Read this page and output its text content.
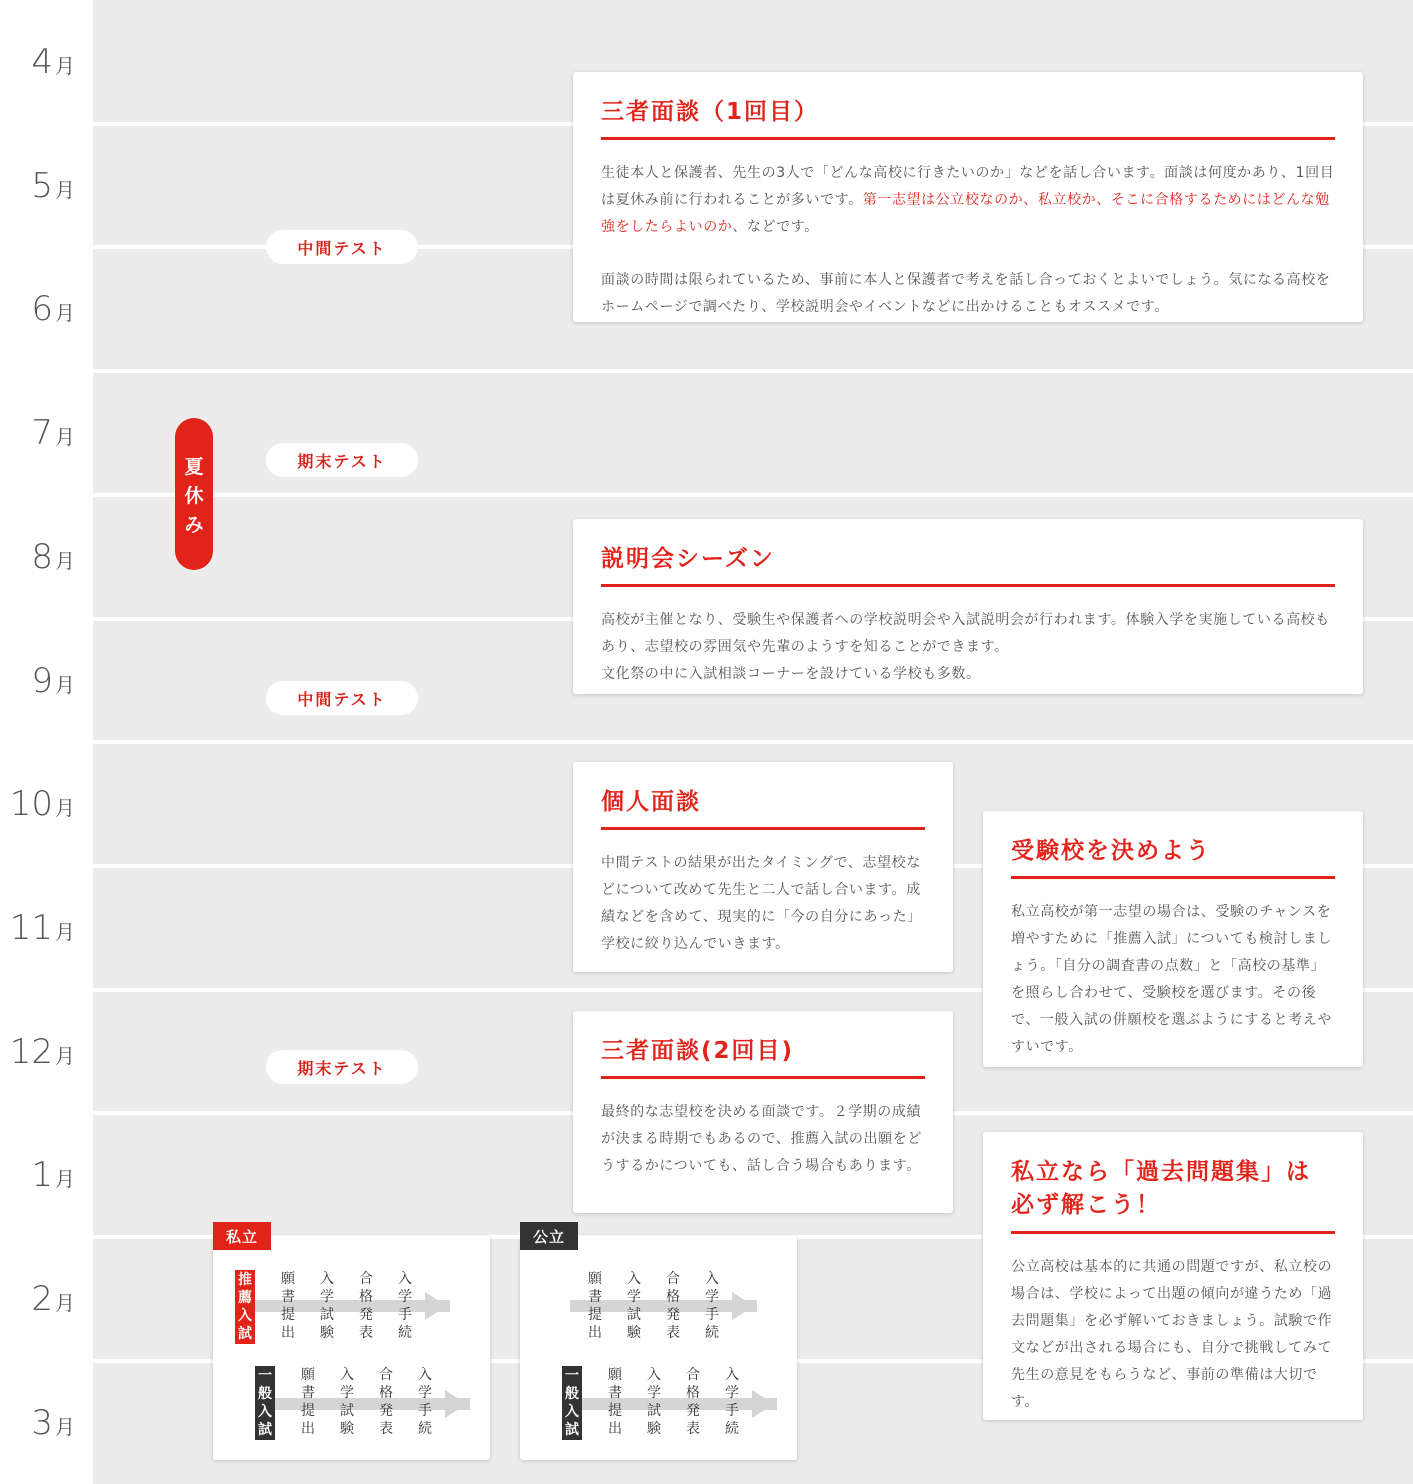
4 月
5 月
6 月
7 月
8 月
9 月
10 月
11 月
12 月
1 月
2 月
3 月
中間テスト
期末テスト
中間テスト
期末テスト
夏
休
み
三者面談（1回目）

生徒本人と保護者、先生の3人で「どんな高校に行きたいのか」などを話し合います。面談は何度かあり、1回目は夏休み前に行われることが多いです。第一志望は公立校なのか、私立校か、そこに合格するためにはどんな勉強をしたらよいのか、などです。

面談の時間は限られているため、事前に本人と保護者で考えを話し合っておくとよいでしょう。気になる高校をホームページで調べたり、学校説明会やイベントなどに出かけることもオススメです。

説明会シーズン

高校が主催となり、受験生や保護者への学校説明会や入試説明会が行われます。体験入学を実施している高校もあり、志望校の雰囲気や先輩のようすを知ることができます。

文化祭の中に入試相談コーナーを設けている学校も多数。
個人面談
中間テストの結果が出たタイミングで、志望校などについて改めて先生と二人で話し合います。成績などを含めて、現実的に「今の自分にあった」学校に絞り込んでいきます。
受験校を決めよう
私立高校が第一志望の場合は、受験のチャンスを増やすために「推薦入試」についても検討しましょう。「自分の調査書の点数」と「高校の基準」を照らし合わせて、受験校を選びます。その後で、一般入試の併願校を選ぶようにすると考えやすいです。
三者面談(2回目)
最終的な志望校を決める面談です。２学期の成績が決まる時期でもあるので、推薦入試の出願をどうするかについても、話し合う場合もあります。	私立なら「過去問題集」は
必ず解こう！
公立高校は基本的に共通の問題ですが、私立校の場合は、学校によって出題の傾向が違うため「過去問題集」を必ず解いておきましょう。試験で作文などが出される場合にも、自分で挑戦してみて先生の意見をもらうなど、事前の準備は大切です。
私立
推
薦
入
試
願
書
提
出
入
学
試
験
合
格
発
表
入
学
手
続
一
般
入
試
願
書
提
出
入
学
試
験
合
格
発
表
入
学
手
続
公立
願
書
提
出
入
学
試
験
合
格
発
表
入
学
手
続
一
般
入
試
願
書
提
出
入
学
試
験
合
格
発
表
入
学
手
続
